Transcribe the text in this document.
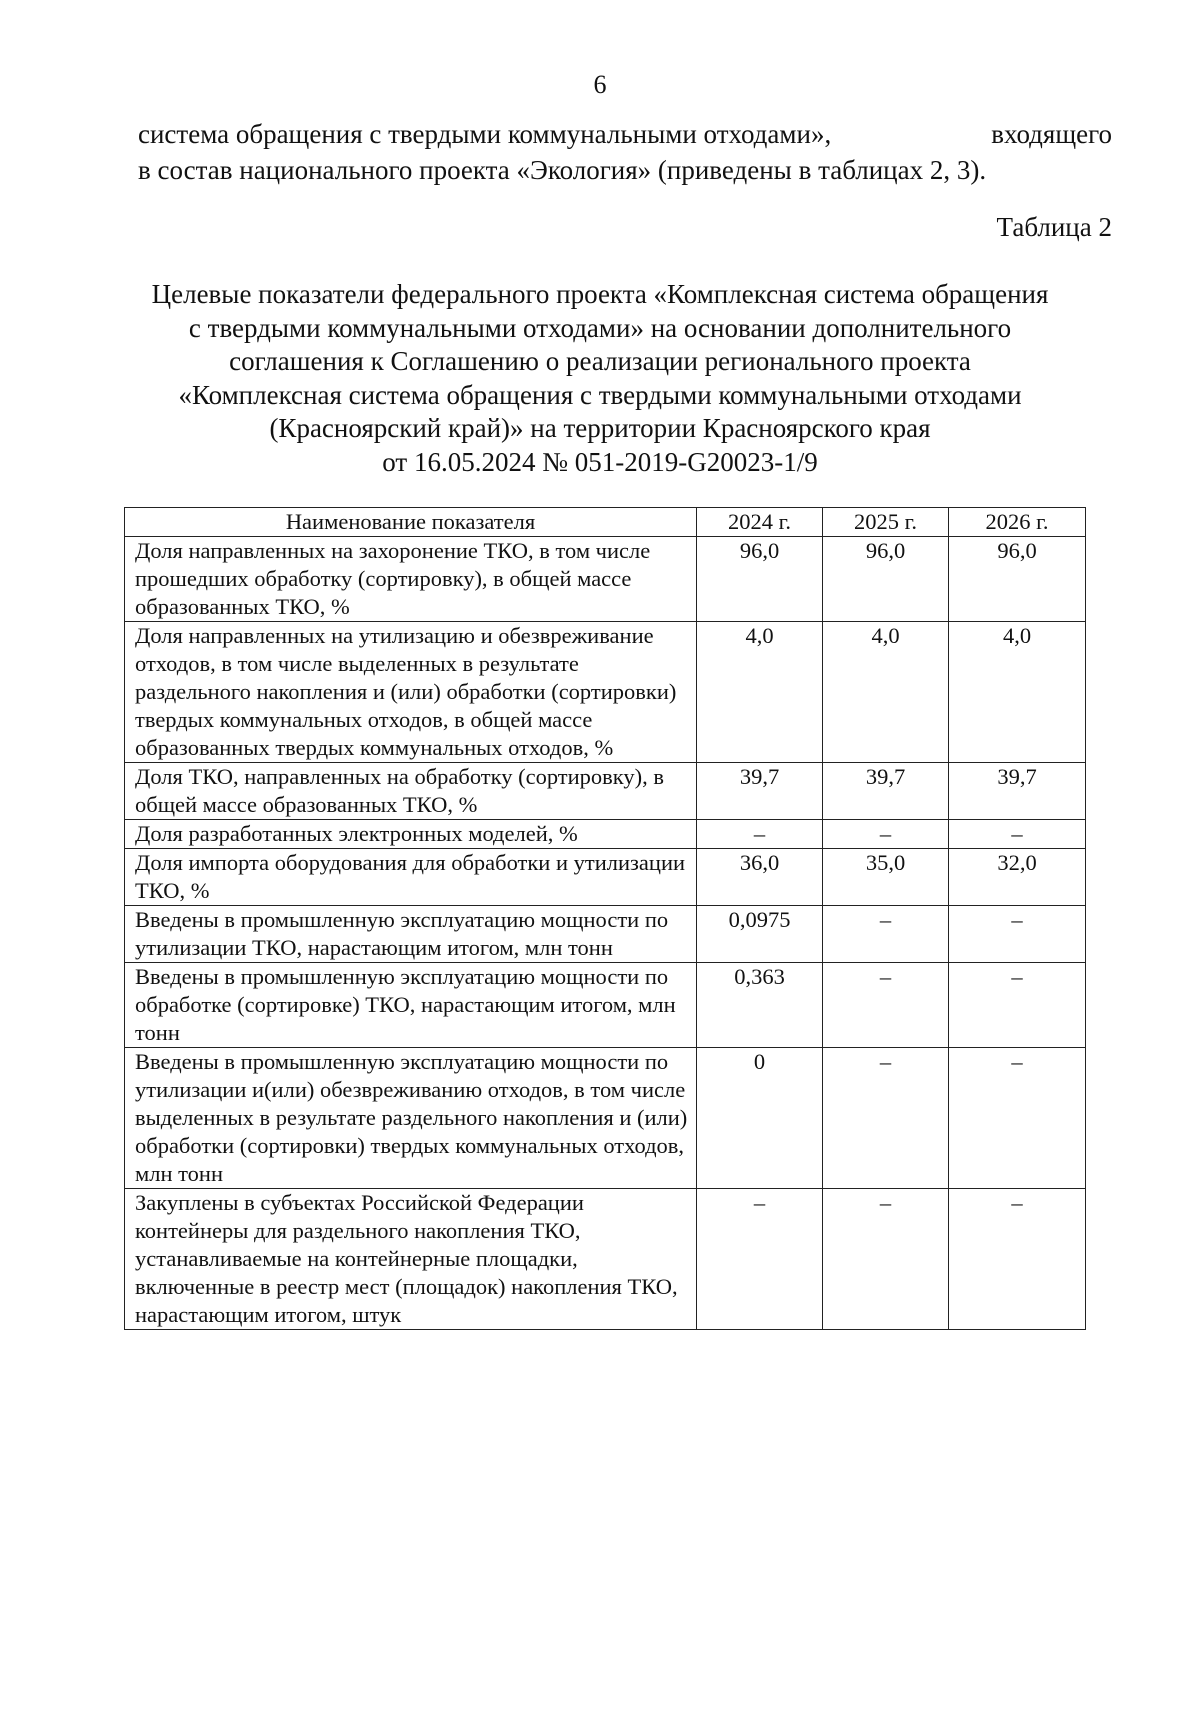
6
система обращения с твердыми коммунальными отходами»,	входящего
в состав национального проекта «Экология» (приведены в таблицах 2, 3).
Таблица 2
Целевые показатели федерального проекта «Комплексная система обращения
с твердыми коммунальными отходами» на основании дополнительного
соглашения к Соглашению о реализации регионального проекта
«Комплексная система обращения с твердыми коммунальными отходами
(Красноярский край)» на территории Красноярского края
от 16.05.2024 № 051-2019-G20023-1/9
Наименование показателя	2024 г.	2025 г.	2026 г.
Доля направленных на захоронение ТКО, в том числе прошедших обработку (сортировку), в общей массе образованных ТКО, %	96,0	96,0	96,0
Доля направленных на утилизацию и обезвреживание отходов, в том числе выделенных в результате раздельного накопления и (или) обработки (сортировки) твердых коммунальных отходов, в общей массе образованных твердых коммунальных отходов, %	4,0	4,0	4,0
Доля ТКО, направленных на обработку (сортировку), в общей массе образованных ТКО, %	39,7	39,7	39,7
Доля разработанных электронных моделей, %	–	–	–
Доля импорта оборудования для обработки и утилизации ТКО, %	36,0	35,0	32,0
Введены в промышленную эксплуатацию мощности по утилизации ТКО, нарастающим итогом, млн тонн	0,0975	–	–
Введены в промышленную эксплуатацию мощности по обработке (сортировке) ТКО, нарастающим итогом, млн тонн	0,363	–	–
Введены в промышленную эксплуатацию мощности по утилизации и(или) обезвреживанию отходов, в том числе выделенных в результате раздельного накопления и (или) обработки (сортировки) твердых коммунальных отходов, млн тонн	0	–	–
Закуплены в субъектах Российской Федерации контейнеры для раздельного накопления ТКО, устанавливаемые на контейнерные площадки, включенные в реестр мест (площадок) накопления ТКО, нарастающим итогом, штук	–	–	–
